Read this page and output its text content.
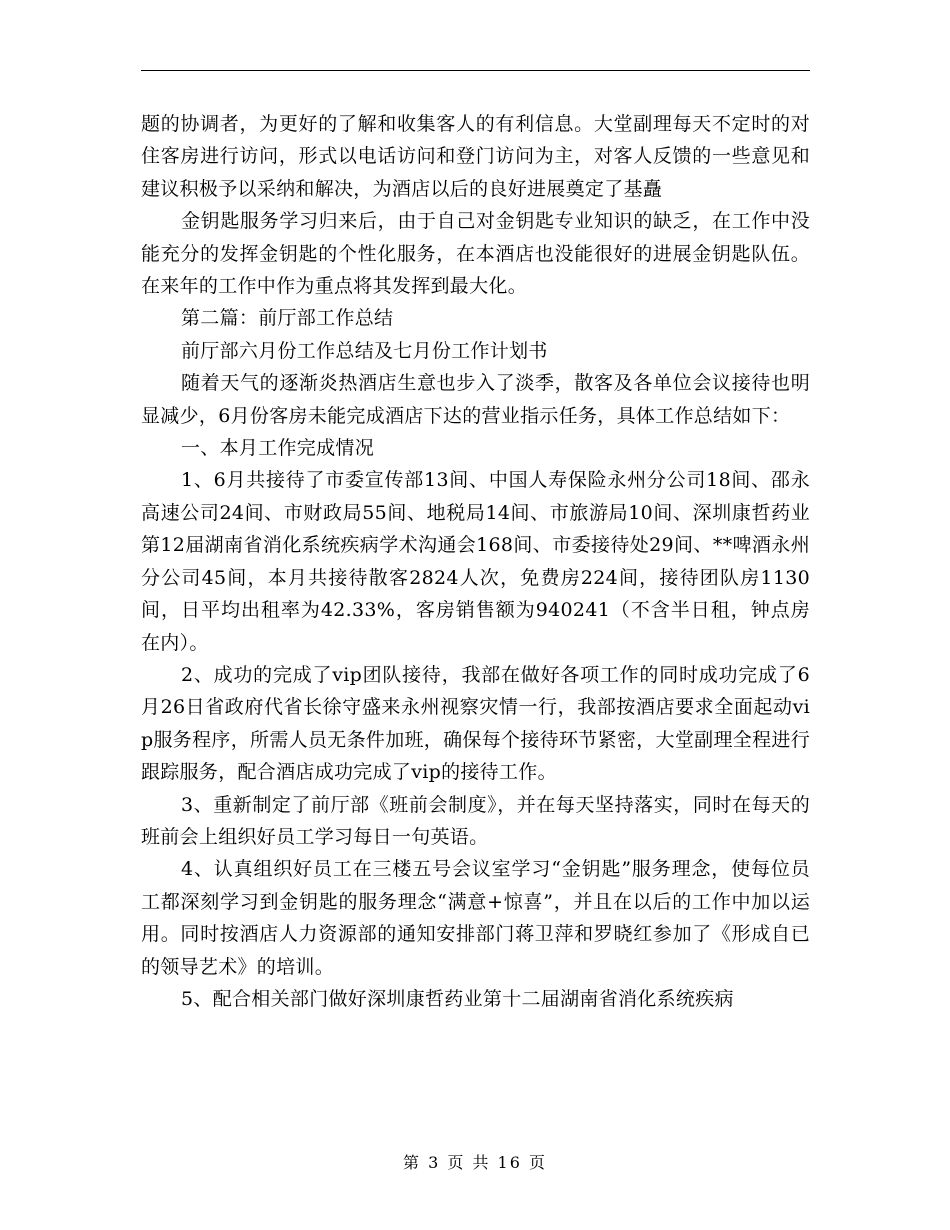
题的协调者，为更好的了解和收集客人的有利信息。大堂副理每天不定时的对住客房进行访问，形式以电话访问和登门访问为主，对客人反馈的一些意见和建议积极予以采纳和解决，为酒店以后的良好进展奠定了基矗

金钥匙服务学习归来后，由于自己对金钥匙专业知识的缺乏，在工作中没能充分的发挥金钥匙的个性化服务，在本酒店也没能很好的进展金钥匙队伍。在来年的工作中作为重点将其发挥到最大化。

第二篇：前厅部工作总结

前厅部六月份工作总结及七月份工作计划书

随着天气的逐渐炎热酒店生意也步入了淡季，散客及各单位会议接待也明显减少，6月份客房未能完成酒店下达的营业指示任务，具体工作总结如下：

一、本月工作完成情况

1、6月共接待了市委宣传部13间、中国人寿保险永州分公司18间、邵永高速公司24间、市财政局55间、地税局14间、市旅游局10间、深圳康哲药业第12届湖南省消化系统疾病学术沟通会168间、市委接待处29间、**啤酒永州分公司45间，本月共接待散客2824人次，免费房224间，接待团队房1130间，日平均出租率为42.33%，客房销售额为940241（不含半日租，钟点房在内）。

2、成功的完成了vip团队接待，我部在做好各项工作的同时成功完成了6月26日省政府代省长徐守盛来永州视察灾情一行，我部按酒店要求全面起动vip服务程序，所需人员无条件加班，确保每个接待环节紧密，大堂副理全程进行跟踪服务，配合酒店成功完成了vip的接待工作。

3、重新制定了前厅部《班前会制度》，并在每天坚持落实，同时在每天的班前会上组织好员工学习每日一句英语。

4、认真组织好员工在三楼五号会议室学习“金钥匙”服务理念，使每位员工都深刻学习到金钥匙的服务理念“满意+惊喜”，并且在以后的工作中加以运用。同时按酒店人力资源部的通知安排部门蒋卫萍和罗晓红参加了《形成自已的领导艺术》的培训。

5、配合相关部门做好深圳康哲药业第十二届湖南省消化系统疾病

第 3 页 共 16 页
